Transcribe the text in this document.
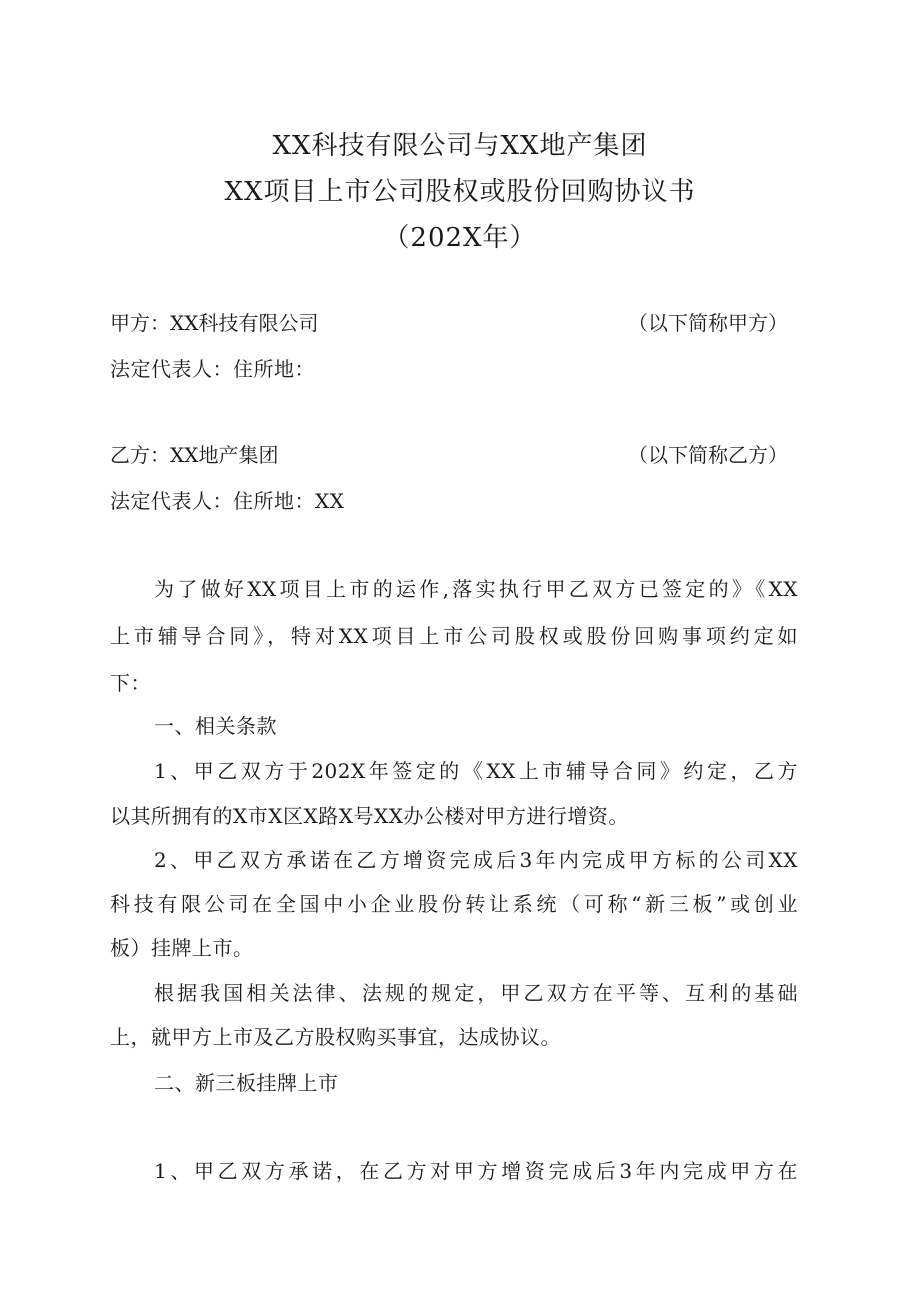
XX科技有限公司与XX地产集团
XX项目上市公司股权或股份回购协议书
（202X年）
甲方：XX科技有限公司	（以下简称甲方）
法定代表人：住所地：
乙方：XX地产集团	（以下简称乙方）
法定代表人：住所地：XX
为了做好XX项目上市的运作,落实执行甲乙双方已签定的》《XX
上市辅导合同》，特对XX项目上市公司股权或股份回购事项约定如
下：
一、相关条款
1、甲乙双方于202X年签定的《XX上市辅导合同》约定，乙方
以其所拥有的X市X区X路X号XX办公楼对甲方进行增资。
2、甲乙双方承诺在乙方增资完成后3年内完成甲方标的公司XX
科技有限公司在全国中小企业股份转让系统（可称“新三板”或创业
板）挂牌上市。
根据我国相关法律、法规的规定，甲乙双方在平等、互利的基础
上，就甲方上市及乙方股权购买事宜，达成协议。
二、新三板挂牌上市
1、甲乙双方承诺，在乙方对甲方增资完成后3年内完成甲方在
